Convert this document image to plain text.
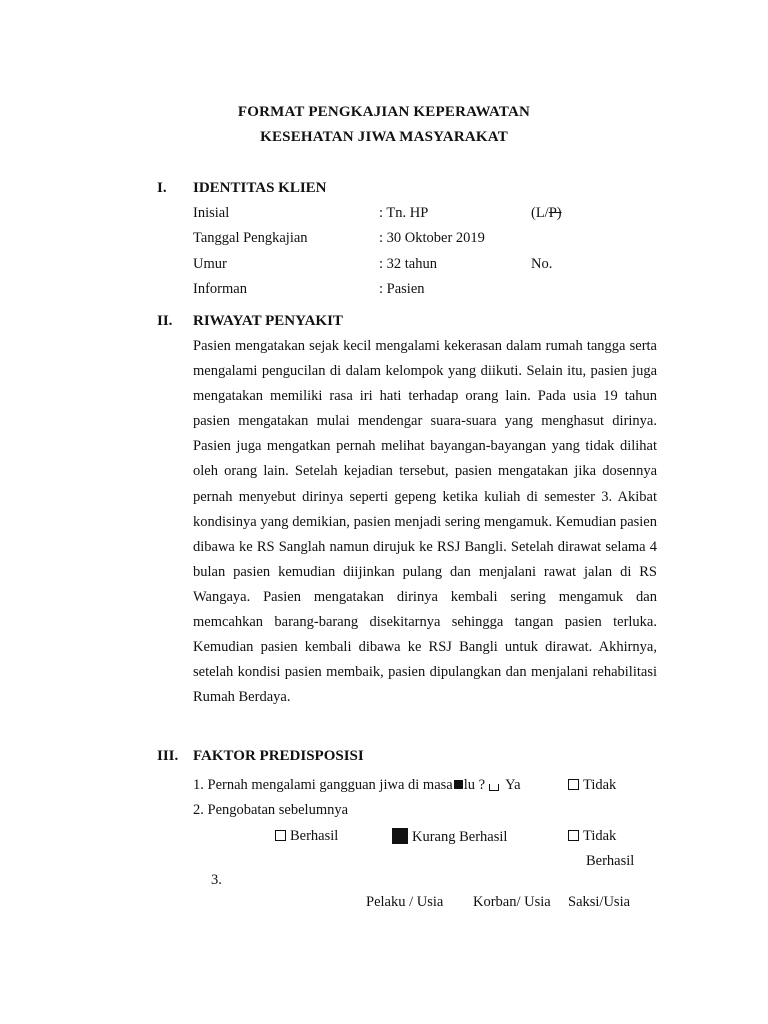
FORMAT PENGKAJIAN KEPERAWATAN
KESEHATAN JIWA MASYARAKAT
I. IDENTITAS KLIEN
Inisial	: Tn. HP	(L/P)
Tanggal Pengkajian	: 30 Oktober 2019
Umur	: 32 tahun	No.
Informan	: Pasien
II. RIWAYAT PENYAKIT
Pasien mengatakan sejak kecil mengalami kekerasan dalam rumah tangga serta mengalami pengucilan di dalam kelompok yang diikuti. Selain itu, pasien juga mengatakan memiliki rasa iri hati terhadap orang lain. Pada usia 19 tahun pasien mengatakan mulai mendengar suara-suara yang menghasut dirinya. Pasien juga mengatkan pernah melihat bayangan-bayangan yang tidak dilihat oleh orang lain. Setelah kejadian tersebut, pasien mengatakan jika dosennya pernah menyebut dirinya seperti gepeng ketika kuliah di semester 3. Akibat kondisinya yang demikian, pasien menjadi sering mengamuk. Kemudian pasien dibawa ke RS Sanglah namun dirujuk ke RSJ Bangli. Setelah dirawat selama 4 bulan pasien kemudian diijinkan pulang dan menjalani rawat jalan di RS Wangaya. Pasien mengatakan dirinya kembali sering mengamuk dan memcahkan barang-barang disekitarnya sehingga tangan pasien terluka. Kemudian pasien kembali dibawa ke RSJ Bangli untuk dirawat. Akhirnya, setelah kondisi pasien membaik, pasien dipulangkan dan menjalani rehabilitasi Rumah Berdaya.
III. FAKTOR PREDISPOSISI
1. Pernah mengalami gangguan jiwa di masa lu ? Ya	Tidak
2. Pengobatan sebelumnya
Berhasil	Kurang Berhasil	Tidak
Berhasil
3.
Pelaku / Usia Korban/ Usia Saksi/Usia
